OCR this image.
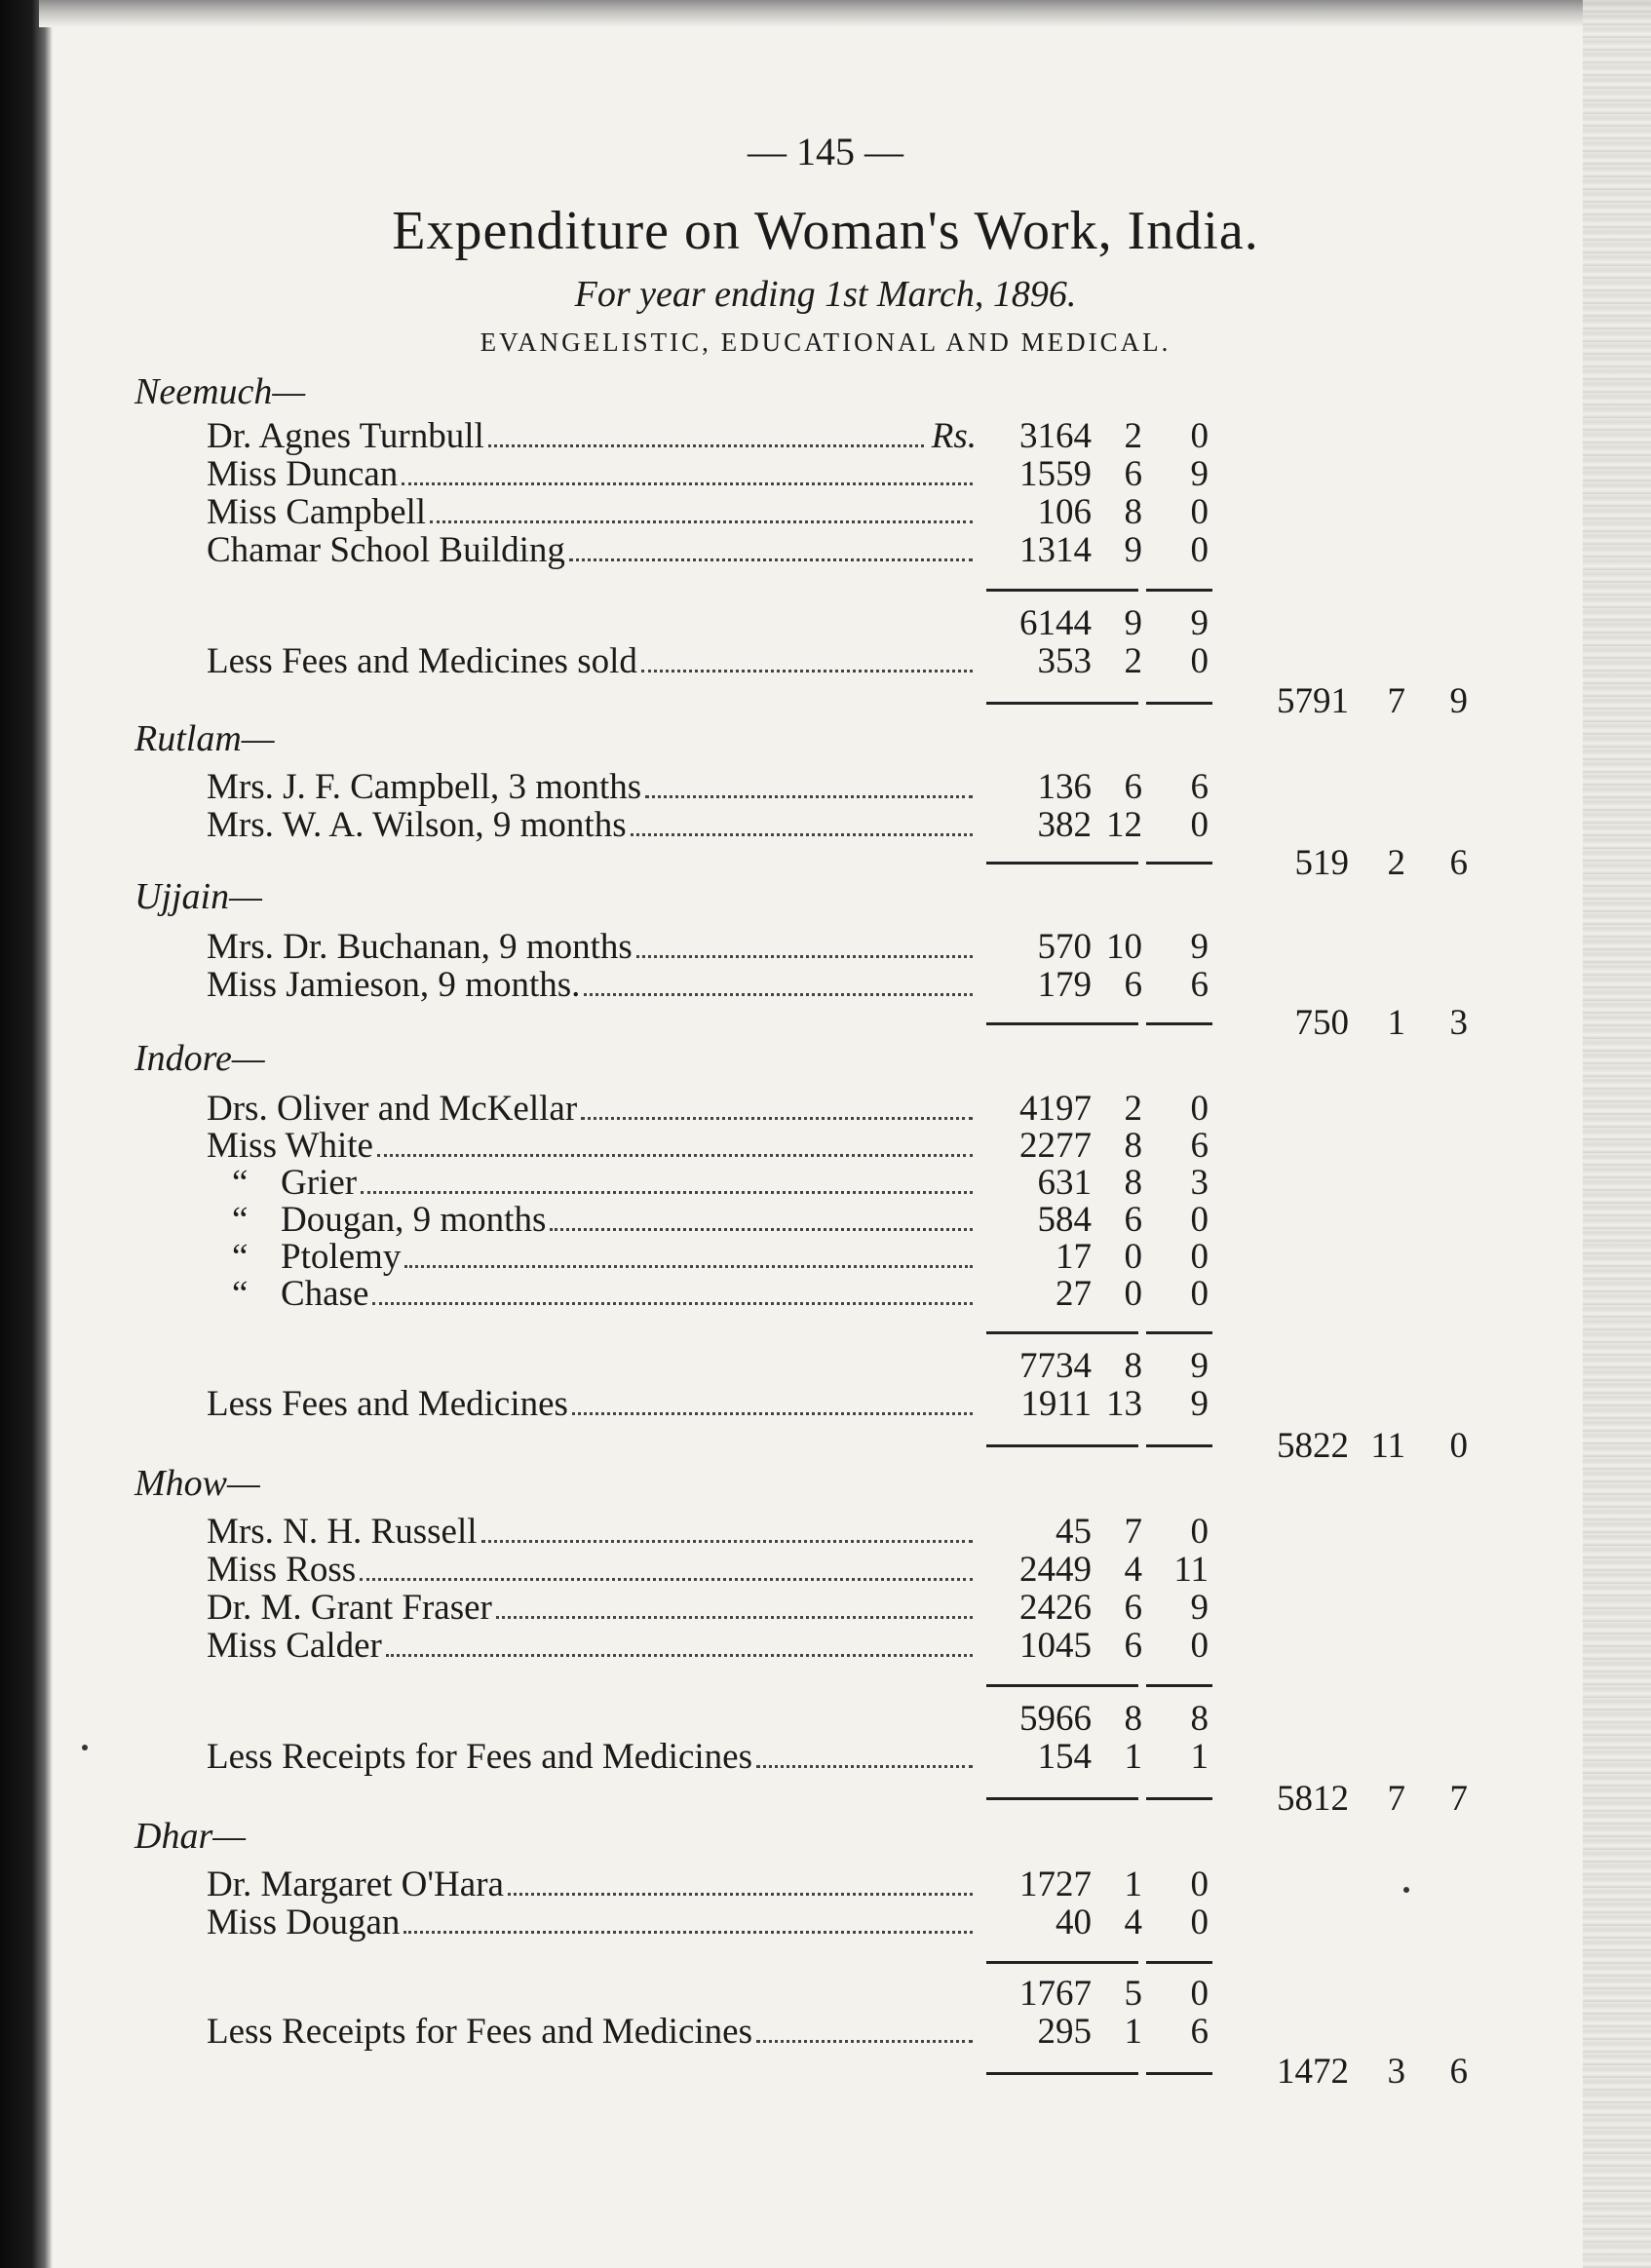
— 145 —
Expenditure on Woman's Work, India.
For year ending 1st March, 1896.
EVANGELISTIC, EDUCATIONAL AND MEDICAL.
Neemuch—
Dr. Agnes Turnbull	Rs. 3164 2 0
Miss Duncan	1559 6 9
Miss Campbell	106 8 0
Chamar School Building	1314 9 0
6144 9 9
Less Fees and Medicines sold	353 2 0
5791 7 9
Rutlam—
Mrs. J. F. Campbell, 3 months	136 6 6
Mrs. W. A. Wilson, 9 months	382 12 0
519 2 6
Ujjain—
Mrs. Dr. Buchanan, 9 months	570 10 9
Miss Jamieson, 9 months.	179 6 6
750 1 3
Indore—
Drs. Oliver and McKellar	4197 2 0
Miss White	2277 8 6
“ Grier	631 8 3
“ Dougan, 9 months	584 6 0
“ Ptolemy	17 0 0
“ Chase	27 0 0
7734 8 9
Less Fees and Medicines	1911 13 9
5822 11 0
Mhow—
Mrs. N. H. Russell	45 7 0
Miss Ross	2449 4 11
Dr. M. Grant Fraser	2426 6 9
Miss Calder	1045 6 0
5966 8 8
Less Receipts for Fees and Medicines	154 1 1
5812 7 7
Dhar—
Dr. Margaret O'Hara	1727 1 0
Miss Dougan	40 4 0
1767 5 0
Less Receipts for Fees and Medicines	295 1 6
1472 3 6
